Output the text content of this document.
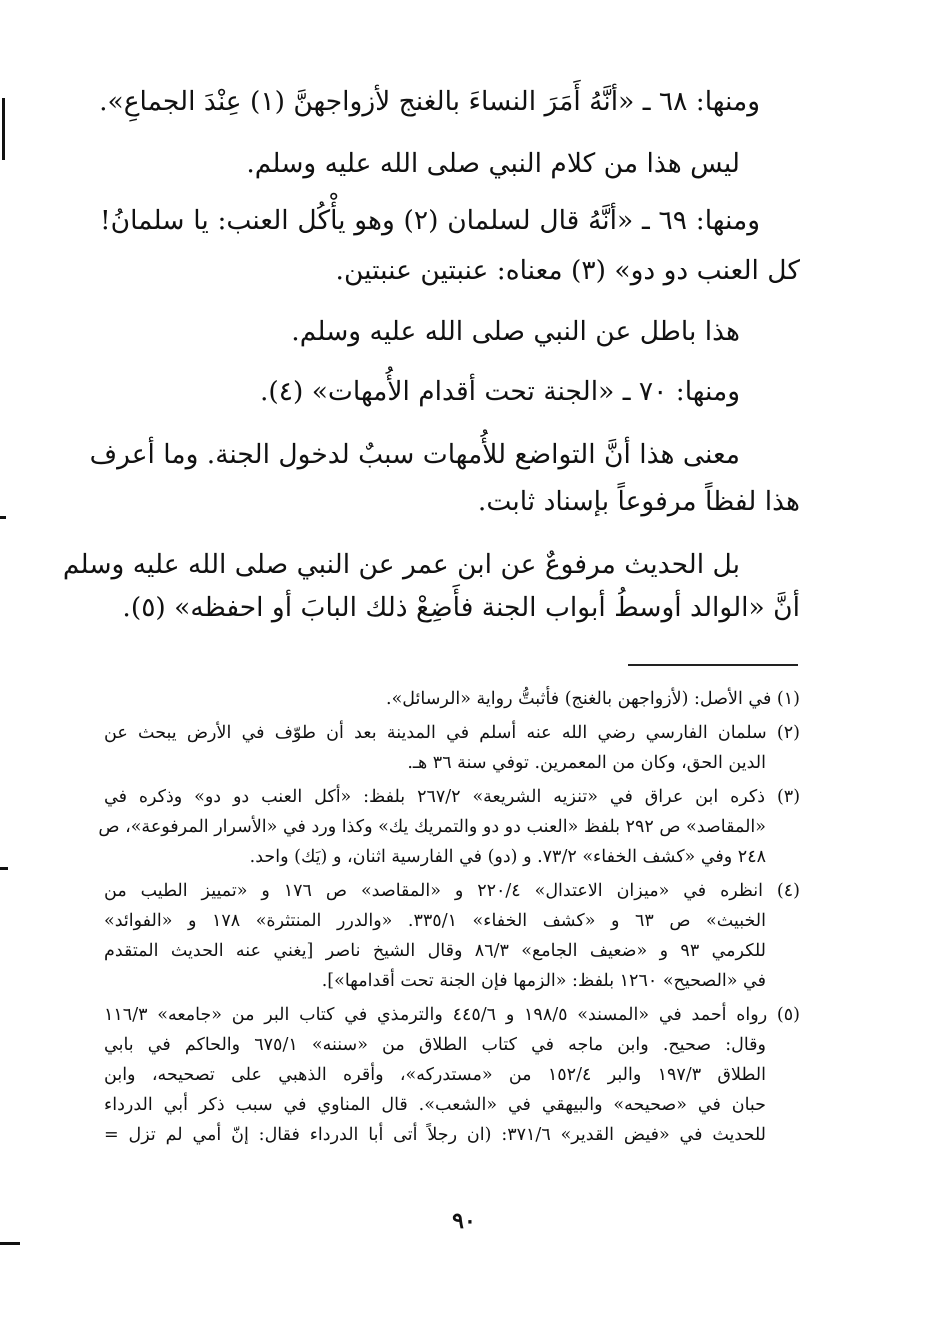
ومنها: ٦٨ ـ «أنَّهُ أَمَرَ النساءَ بالغنج لأزواجهنَّ (١) عِنْدَ الجماعِ».
ليس هذا من كلام النبي صلى الله عليه وسلم.
ومنها: ٦٩ ـ «أنَّهُ قال لسلمان (٢) وهو يأْكُل العنب: يا سلمانُ!
كل العنب دو دو» (٣) معناه: عنبتين عنبتين.
هذا باطل عن النبي صلى الله عليه وسلم.
ومنها: ٧٠ ـ «الجنة تحت أقدام الأُمهات» (٤).
معنى هذا أنَّ التواضع للأُمهات سببٌ لدخول الجنة. وما أعرف
هذا لفظاً مرفوعاً بإسناد ثابت.
بل الحديث مرفوعٌ عن ابن عمر عن النبي صلى الله عليه وسلم
أنَّ «الوالد أوسطُ أبواب الجنة فأَضِعْ ذلك البابَ أو احفظه» (٥).
(١) في الأصل: (لأزواجهن بالغنج) فأثبتُّ رواية «الرسائل».
(٢) سلمان الفارسي رضي الله عنه أسلم في المدينة بعد أن طوّف في الأرض يبحث عن
الدين الحق، وكان من المعمرين. توفي سنة ٣٦ هـ.
(٣) ذكره ابن عراق في «تنزيه الشريعة» ٢٦٧/٢ بلفظ: «أكل العنب دو دو» وذكره في
«المقاصد» ص ٢٩٢ بلفظ «العنب دو دو والتمريك يك» وكذا ورد في «الأسرار المرفوعة»، ص
٢٤٨ وفي «كشف الخفاء» ٧٣/٢. و (دو) في الفارسية اثنان، و (يَك) واحد.
(٤) انظره في «ميزان الاعتدال» ٢٢٠/٤ و «المقاصد» ص ١٧٦ و «تمييز الطيب من
الخبيث» ص ٦٣ و «كشف الخفاء» ٣٣٥/١. «والدرر المنتثرة» ١٧٨ و «الفوائد»
للكرمي ٩٣ و «ضعيف الجامع» ٨٦/٣ وقال الشيخ ناصر [يغني عنه الحديث المتقدم
في «الصحيح» ١٢٦٠ بلفظ: «الزمها فإن الجنة تحت أقدامها»].
(٥) رواه أحمد في «المسند» ١٩٨/٥ و ٤٤٥/٦ والترمذي في كتاب البر من «جامعه» ١١٦/٣
وقال: صحيح. وابن ماجه في كتاب الطلاق من «سننه» ٦٧٥/١ والحاكم في بابي
الطلاق ١٩٧/٣ والبر ١٥٢/٤ من «مستدركه»، وأقره الذهبي على تصحيحه، وابن
حبان في «صحيحه» والبيهقي في «الشعب». قال المناوي في سبب ذكر أبي الدرداء
للحديث في «فيض القدير» ٣٧١/٦: (ان رجلاً أتى أبا الدرداء فقال: إنّ أمي لم تزل =
٩٠
